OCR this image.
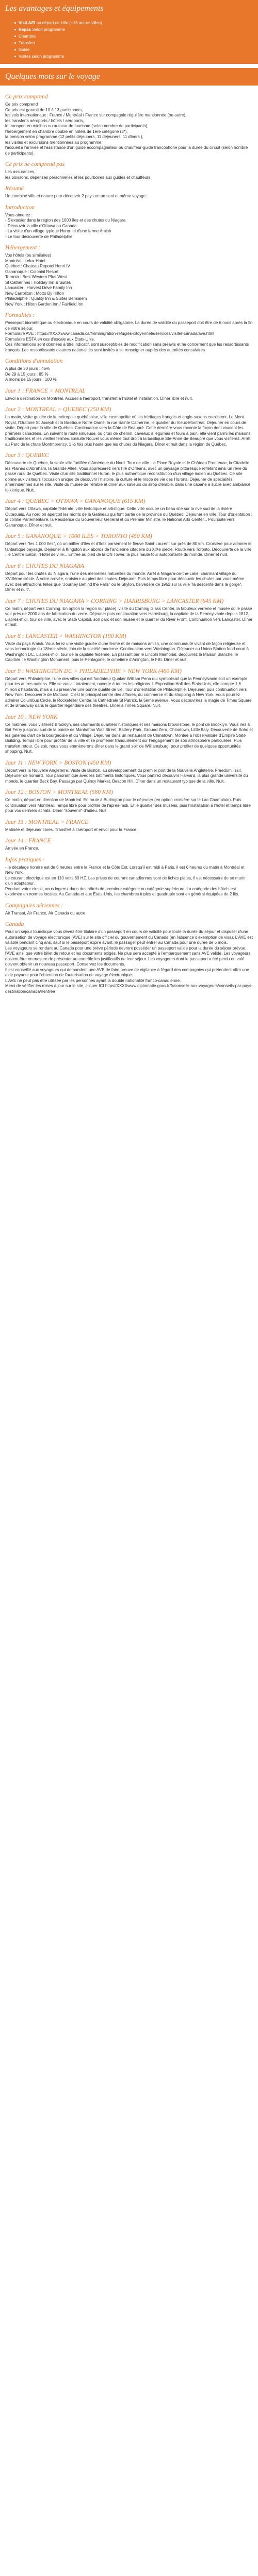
Les avantages et équipements
Visit A/R au départ de Lille (+13 autres villes)
Repas Selon programme
Chambre
Transfert
Guide
Visites selon programme
Quelques mots sur le voyage
Ce prix comprend

Ce prix comprend
Ce prix est garanti de 10 à 13 participants,
les vols internationaux : France / Montréal / France sur compagnie régulière mentionnée (ou autre),
les transferts aéroports / hôtels / aéroports,
le transport en minibus ou autocar de tourisme (selon nombre de participants),
l'hébergement en chambre double en hôtels de 1ère catégorie (3*),
la pension selon programme (12 petits déjeuners, 11 déjeuners, 11 dîners ),
les visites et excursions mentionnées au programme,
l'accueil à l'arrivée et l'assistance d'un guide accompagnateur ou chauffeur-guide francophone pour la durée du circuit (selon nombre de participants).

Ce prix ne comprend pas

Les assurances,
les boissons, dépenses personnelles et les pourboires aux guides et chauffeurs.

Résumé

Un combiné ville et nature pour découvrir 2 pays en un seul et même voyage.

Introduction

Vous aimerez :
- S'extasier dans la région des 1000 îles et des chutes du Niagara
- Découvrir la ville d'Ottawa au Canada
- La visite d'un village typique Huron et d'une ferme Amish
- Le tour déciouverte de Philadelphie

Hébergement :

Vos hôtels (ou similaires)
Montréal : Lelux Hotel
Québec : Chateau Repotel Henri IV
Gananoque : Colonial Resort
Toronto : Best Western Plus West
St Catherines : Holiday Inn & Suites
Lancaster : Harvest Drive Family Inn
New Carrollton : Motto By Hilton
Philadelphie : Quality Inn & Suites Bensalem
New York : Hilton Garden Inn / Fairfield Inn

Formalités :

Passeport biométrique ou électronique en cours de validité obligatoire. La durée de validité du passeport doit être de 6 mois après la fin de votre séjour.
Formulaire AVE : https://XXXXwww.canada.ca/fr/immigration-refugies-citoyennete/services/visiter-canada/ave.html
Formulaire ESTA en cas d'escale aux Etats-Unis.
Ces informations sont données à titre indicatif, sont susceptibles de modification sans préavis et ne concernent que les ressortissants français. Les ressortissants d'autres nationalités sont invités à se renseigner auprès des autorités consulaires.

Conditions d'annulation

A plus de 30 jours : 45%
De 29 à 15 jours : 85 %
A moins de 15 jours : 100 %

Jour 1 : FRANCE > MONTREAL

Envol à destination de Montréal. Accueil à l'aéroport, transfert à l'hôtel et installation. Dîner libre et nuit.

Jour 2 : MONTREAL > QUEBEC (250 KM)

La matin, visite guidée de la métropole québécoise, ville cosmopolite où les héritages français et anglo-saxons coexistent. Le Mont Royal, l'Oratoire St Joseph et la Basilique Notre-Dame, la rue Sainte Catherine, le quartier du Vieux-Montréal. Déjeuner en cours de visite. Départ pour la ville de Québec. Continuation vers la Côte de Beaupré. Cette dernière vous raconte la façon dont vivaient les premiers canadiens. En suivant la route sinueuse, ou croix de chemin, caveaux à légumes et fours à pain, elle vient parmi les maisons traditionnelles et les vieilles fermes. Ensuite Nouvel vous même tout droit à la basilique Ste-Anne-de-Beaupré que vous visiterez. Arrêt au Parc de la chute Montmorency, 1 ½ fois plus haute que les chutes du Niagara. Dîner et nuit dans la région de Québec.

Jour 3 : QUEBEC

Découverte de Québec, la seule ville fortifiée d'Amérique du Nord. Tour de ville : la Place Royale et le Château Frontenac, la Citadelle, les Plaines d'Abraham, la Grande Allée. Vous apprécierez vers l'Ile d'Orléans, avec un paysage pittoresque reflétant ainsi un rêve du passé rural de Québec. Visite d'un site traditionnel Huron, le plus authentique reconstitution d'un village indien au Québec. Ce site donne aux visiteurs l'occasion unique de découvrir l'histoire, la culture et le mode de vie des Hurons. Déjeuner de spécialités amérindiennes sur le site. Visite du musée de l'érable et dîner aux saveurs du sirop d'érable, dans une cabane à sucre avec ambiance folklorique. Nuit.

Jour 4 : QUEBEC > OTTAWA > GANANOQUE (615 KM)

Départ vers Ottawa, capitale fédérale, ville historique et artistique. Cette ville occupe un beau site sur la rive sud de la rivière Outaouais. Au nord on aperçoit les monts de la Gatineau qui font partie de la province du Québec. Déjeuner en ville. Tour d'orientation : la colline Parlementaire, la Résidence du Gouverneur Général et du Premier Ministre, le National Arts Center... Poursuite vers Gananoque. Dîner et nuit.

Jour 5 : GANANOQUE > 1000 ILES > TORONTO (450 KM)

Départ vers "les 1 000 îles", où un millier d'îles et d'îlots parsèment le fleuve Saint-Laurent sur près de 80 km. Croisière pour admirer le fantastique paysage. Déjeuner à Kingston aux abords de l'ancienne citadelle du XIXe siècle. Route vers Toronto. Découverte de la ville : le Centre Eaton, l'Hôtel de ville... Entrée au pied de la CN Tower, la plus haute tour autoportante du monde. Dîner et nuit.

Jour 6 : CHUTES DU NIAGARA

Départ pour les chutes du Niagara, l'une des merveilles naturelles du monde. Arrêt à Niagara-on-the-Lake, charmant village du XVIIIème siècle. À votre arrivée, croisière au pied des chutes. Déjeuner. Puis temps libre pour découvrir les chutes par vous-même avec des attractions telles que "Journey Behind the Falls" ou le Skylon, belvédère de 1962 sur la ville "la descente dans la gorge". Dîner et nuit".

Jour 7 : CHUTES DU NIAGARA > CORNING > HARRISBURG > LANCASTER (645 KM)

Ce matin, départ vers Corning. En option la région sur place), visite du Corning Glass Center, la fabuleux verrerie et musée où le passé voir près de 2000 ans de fabrication du verre. Déjeuner puis continuation vers Harrisburg, la capitale de la Pennsylvanie depuis 1812. L'après-midi, tour de ville, avec le State Capitol, son parc et son musée et le quartier du River Front. Continuation vers Lancaster. Dîner et nuit.

Jour 8 : LANCASTER > WASHINGTON (190 KM)

Visite du pays Amish. Vous ferez une visite guidée d'une ferme et de maisons amish, une communauté vivant de façon religieuse et sans technologie du 18ème siècle, loin de la société moderne. Continuation vers Washington. Déjeuner au Union Station food court à Washington DC. L'après-midi, tour de la capitale fédérale. En passant par le Lincoln Memorial, découvrez la Maison Blanche, le Capitole, le Washington Monument, puis le Pentagone, le cimetière d'Arlington, le FBI. Dîner et nuit.

Jour 9 : WASHINGTON DC > PHILADELPHIE > NEW YORK (460 KM)

Départ vers Philadelphie, l'une des villes qui est fondateur Quaker William Penn qui symbolisait que la Pennsylvanie soit un exemple pour les autres nations. Elle se voulait totalement, ouverte à toutes les religions. L'Exposition Hall des États-Unis, elle compte 1,6 million d'habitants, mais a su préserver une bonne qualité de vie. Tour d'orientation de Philadelphie. Déjeuner, puis continuation vers New York. Découverte de Midtown, C'est le principal centre des affaires, du commerce et du shopping à New York. Vous pourrez admirer Columbus Circle, le Rockefeller Center, la Cathédrale St Patrick, la 5ème avenue. Vous découvrirez la magie de Times Square et de Broadway dans le quartier légendaire des théâtres. Dîner à Times Square. Nuit.

Jour 10 : NEW YORK

Ce matinée, vous visiterez Brooklyn, ses charmants quartiers historiques et ses maisons brownstone, le pont de Brooklyn. Vous irez à Bat Ferry jusqu'au sud de la pointe de Manhattan Wall Street, Battery Park, Ground Zero, Chinatown, Little Italy. Découverte de Soho et les galeries d'art de la bourgeoisie et du Village. Déjeuner dans un restaurant de Chinatown. Montée à l'observatoire d'Empire State Building. Temps libre pour profiter de la ville et se promener tranquillement sur l'engagement de son atmosphère particulière. Puis transfert retour. Ce soir, nous vous emmènerons dîner dans le grand soir de Williamsburg, pour profiter de quelques opportunités shopping. Nuit.

Jour 11 : NEW YORK > BOSTON (450 KM)

Départ vers la Nouvelle Angleterre. Visite de Boston, au développement du premier port de la Nouvelle Angleterre, Freedom Trail. Déjeuner de homard. Tour panoramique avec les bâtiments historiques. Vous partirez découvrir Harvard, la plus grande université du monde, le quartier Back Bay. Passage par Quincy Market, Beacon Hill. Dîner dans un restaurant typique de la ville. Nuit.

Jour 12 : BOSTON > MONTREAL (580 KM)

Ce matin, départ en direction de Montréal. En route à Burlington pour le déjeuner (en option croisière sur le Lac Champlain). Puis continuation vers Montréal. Temps libre pour profiter de l'après-midi. Et le quartier des musées, puis l'installation à l'hôtel et temps libre pour vos derniers achats. Dîner "souvenir" d'adieu. Nuit.

Jour 13 : MONTREAL > FRANCE

Matinée et déjeuner libres. Transfert à l'aéroport et envol pour la France.

Jour 14 : FRANCE

Arrivée en France.

Infos pratiques :

- le décalage horaire est de 6 heures entre la France et la Côte Est. Lorsqu'il est midi à Paris, il est 6 heures du matin à Montréal et New York.
Le courant électrique est en 110 volts 60 HZ. Les prises de courant canadiennes sont de fiches plates, il est nécessaire de se munir d'un adaptateur.
Pendant votre circuit, vous logerez dans des hôtels de première catégorie ou catégorie supérieure. La catégorie des hôtels est exprimée en normes locales. Au Canada et aux États-Unis, les chambres triples et quadruple sont en général équipées de 2 lits.

Compagnies aériennes :

Air Transat, Air France, Air Canada ou autre

Canada

Pour un séjour touristique vous devez être titulaire d'un passeport en cours de validité pour toute la durée du séjour et disposer d'une autorisation de voyage électronique (AVE) sur le site officiel du gouvernement du Canada (en l'absence d'exemption de visa). L'AVE est valable pendant cinq ans, sauf si le passeport expire avant, le passager peut entrer au Canada pour une durée de 6 mois.
Les voyageurs se rendant au Canada pour une brève période devront posséder un passeport valide pour la durée du séjour prévue, l'AVE ainsi que votre billet de retour et les documents exigés. Ne plus sera accepté à l'embarquement sans AVE valide. Les voyageurs doivent être en mesure de présenter au contrôle les justificatifs de leur séjour. Les voyageurs dont le passeport a été perdu ou volé doivent obtenir un nouveau passeport. Conservez les documents.
Il est conseillé aux voyageurs qui demandent une AVE de faire preuve de vigilance à l'égard des compagnies qui prétendent offrir une aide payante pour l'obtention de l'autorisation de voyage électronique.
L'AVE ne peut pas être utilisée par les personnes ayant la double nationalité franco-canadienne.
Merci de vérifier les mises à jour sur le site, cliquer ICI https//XXXXwww.diplomatie.gouv.fr/fr/conseils-aux-voyageurs/conseils-par-pays-destination/canada/#entree
